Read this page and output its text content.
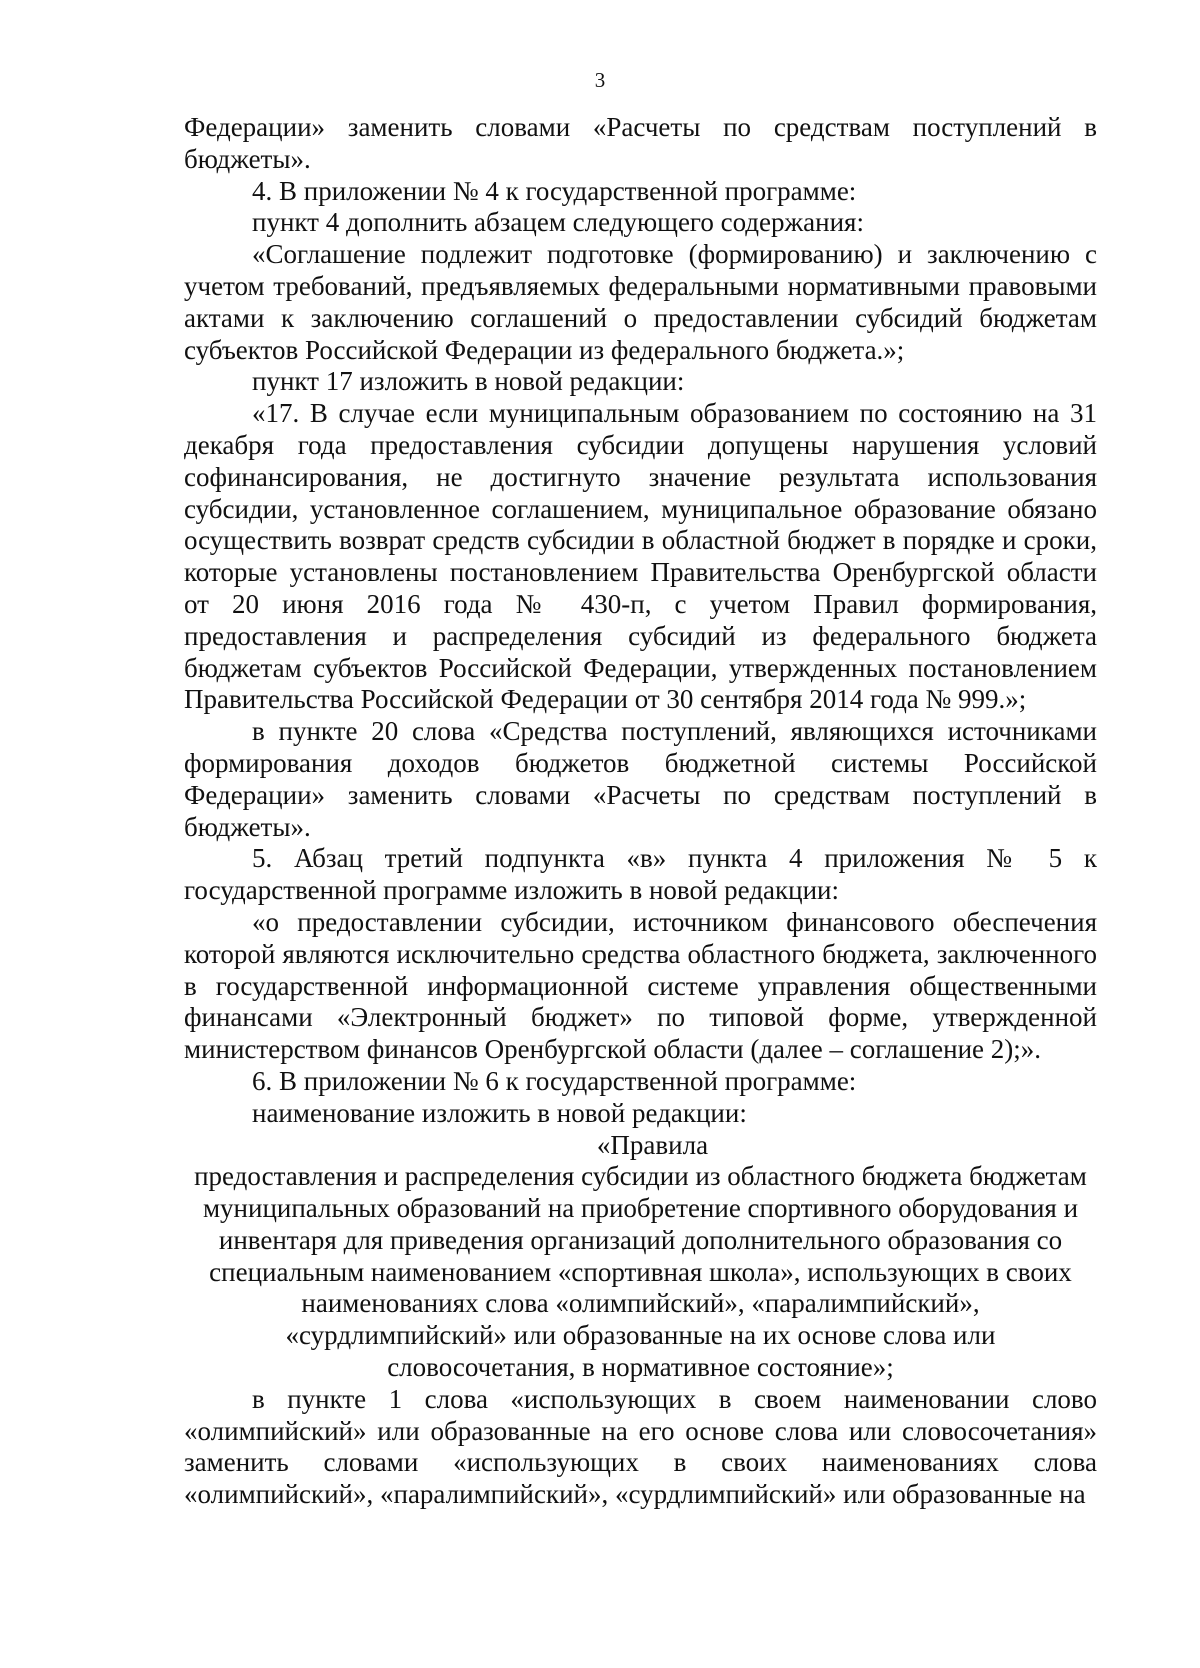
3

Федерации» заменить словами «Расчеты по средствам поступлений в бюджеты».

4. В приложении № 4 к государственной программе:

пункт 4 дополнить абзацем следующего содержания:

«Соглашение подлежит подготовке (формированию) и заключению с учетом требований, предъявляемых федеральными нормативными правовыми актами к заключению соглашений о предоставлении субсидий бюджетам субъектов Российской Федерации из федерального бюджета.»;

пункт 17 изложить в новой редакции:

«17. В случае если муниципальным образованием по состоянию на 31 декабря года предоставления субсидии допущены нарушения условий софинансирования, не достигнуто значение результата использования субсидии, установленное соглашением, муниципальное образование обязано осуществить возврат средств субсидии в областной бюджет в порядке и сроки, которые установлены постановлением Правительства Оренбургской области от 20 июня 2016 года № 430-п, с учетом Правил формирования, предоставления и распределения субсидий из федерального бюджета бюджетам субъектов Российской Федерации, утвержденных постановлением Правительства Российской Федерации от 30 сентября 2014 года № 999.»;

в пункте 20 слова «Средства поступлений, являющихся источниками формирования доходов бюджетов бюджетной системы Российской Федерации» заменить словами «Расчеты по средствам поступлений в бюджеты».

5. Абзац третий подпункта «в» пункта 4 приложения № 5 к государственной программе изложить в новой редакции:

«о предоставлении субсидии, источником финансового обеспечения которой являются исключительно средства областного бюджета, заключенного в государственной информационной системе управления общественными финансами «Электронный бюджет» по типовой форме, утвержденной министерством финансов Оренбургской области (далее – соглашение 2);».

6. В приложении № 6 к государственной программе:

наименование изложить в новой редакции:

«Правила

предоставления и распределения субсидии из областного бюджета бюджетам

муниципальных образований на приобретение спортивного оборудования и

инвентаря для приведения организаций дополнительного образования со

специальным наименованием «спортивная школа», использующих в своих

наименованиях слова «олимпийский», «паралимпийский»,

«сурдлимпийский» или образованные на их основе слова или

словосочетания, в нормативное состояние»;

в пункте 1 слова «использующих в своем наименовании слово «олимпийский» или образованные на его основе слова или словосочетания» заменить словами «использующих в своих наименованиях слова «олимпийский», «паралимпийский», «сурдлимпийский» или образованные на
